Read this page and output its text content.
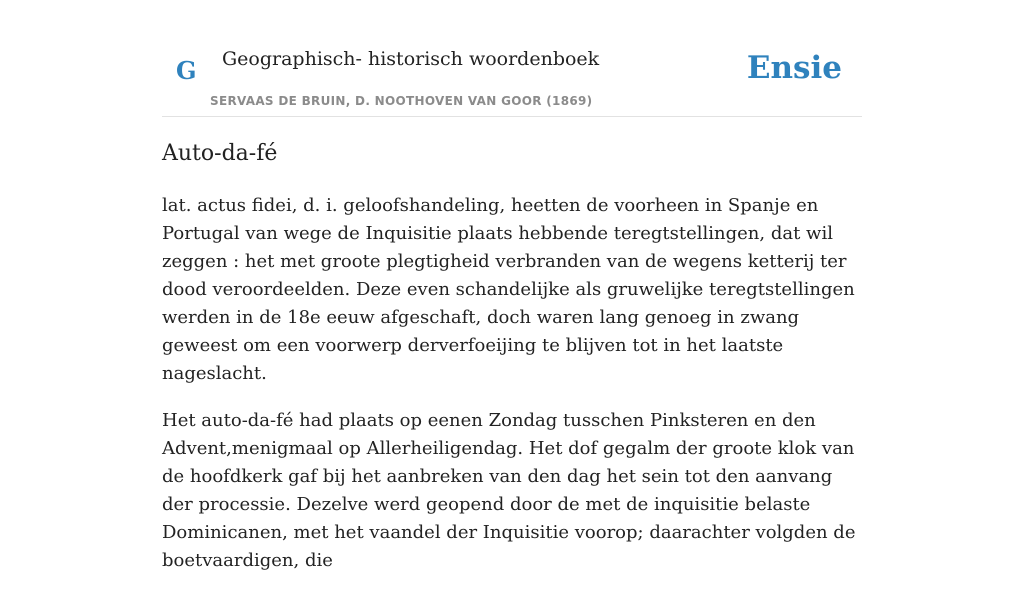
G Geographisch- historisch woordenboek
SERVAAS DE BRUIN, D. NOOTHOVEN VAN GOOR (1869)
Ensie
Auto-da-fé

lat. actus fidei, d. i. geloofshandeling, heetten de voorheen in Spanje en Portugal van wege de Inquisitie plaats hebbende teregtstellingen, dat wil zeggen : het met groote plegtigheid verbranden van de wegens ketterij ter dood veroordeelden. Deze even schandelijke als gruwelijke teregtstellingen werden in de 18e eeuw afgeschaft, doch waren lang genoeg in zwang geweest om een voorwerp derverfoeijing te blijven tot in het laatste nageslacht.

Het auto-da-fé had plaats op eenen Zondag tusschen Pinksteren en den Advent,menigmaal op Allerheiligendag. Het dof gegalm der groote klok van de hoofdkerk gaf bij het aanbreken van den dag het sein tot den aanvang der processie. Dezelve werd geopend door de met de inquisitie belaste Dominicanen, met het vaandel der Inquisitie voorop; daarachter volgden de boetvaardigen, die
